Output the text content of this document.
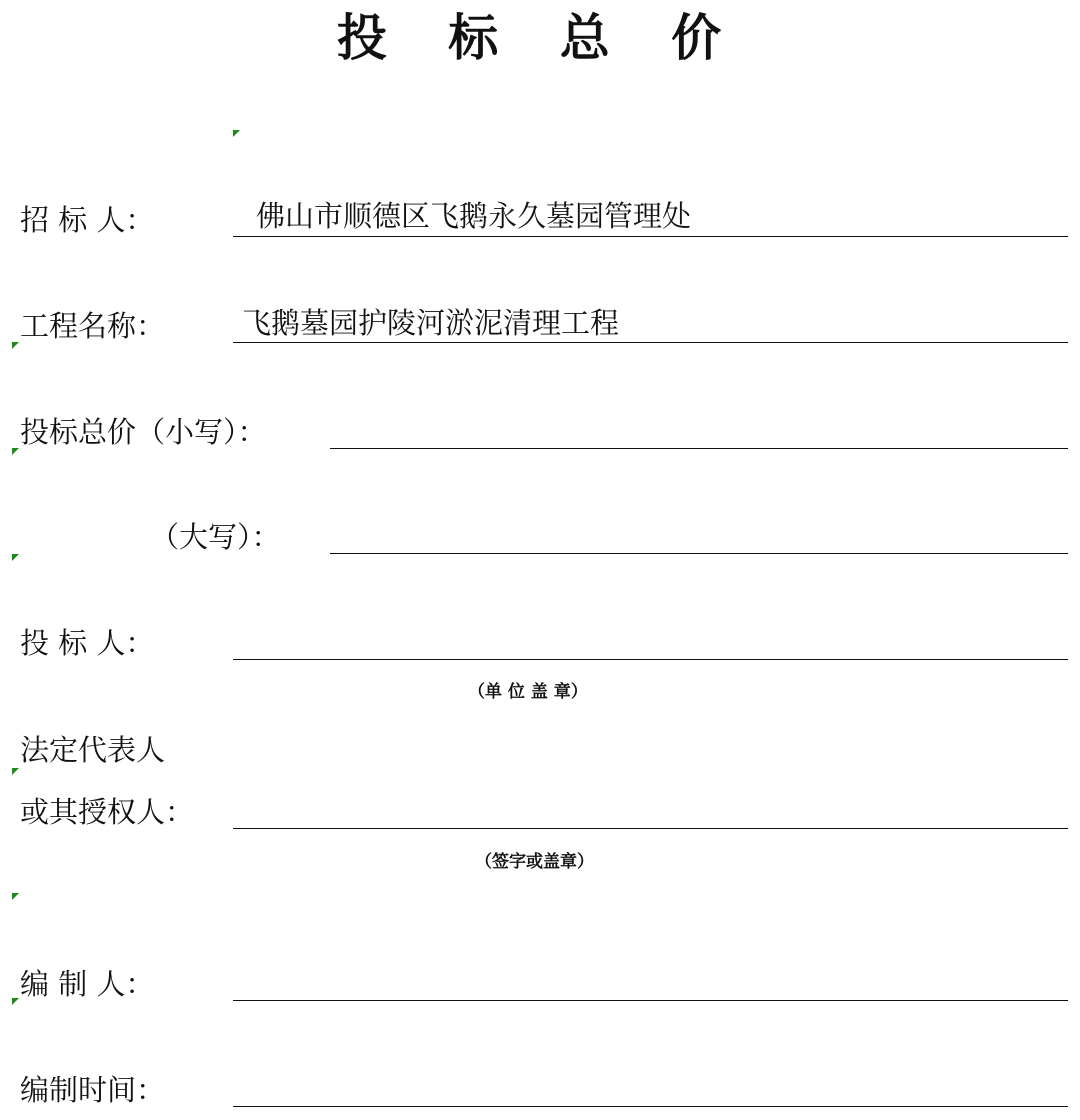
投 标 总 价
招 标 人：	佛山市顺德区飞鹅永久墓园管理处
工程名称：	飞鹅墓园护陵河淤泥清理工程
投标总价（小写）：
（大写）：
投 标 人：
（单 位 盖 章）
法定代表人
或其授权人：
（签字或盖章）
编 制 人：
编制时间：
